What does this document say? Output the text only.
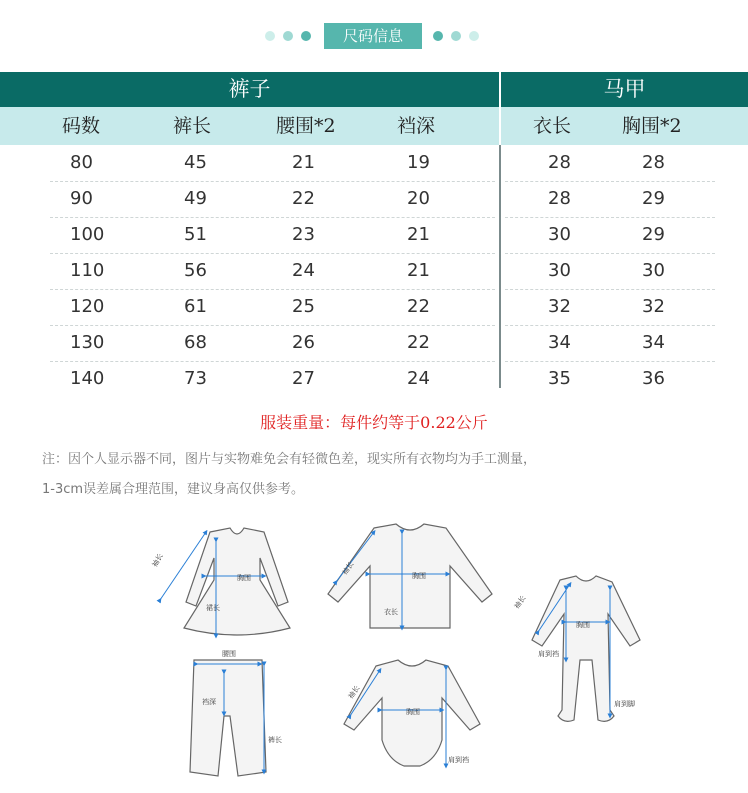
尺码信息
裤子	马甲
码数	裤长	腰围*2	裆深	衣长	胸围*2
80	45	21	19	28	28
90	49	22	20	28	29
100	51	23	21	30	29
110	56	24	21	30	30
120	61	25	22	32	32
130	68	26	22	34	34
140	73	27	24	35	36
服装重量：每件约等于0.22公斤
注：因个人显示器不同，图片与实物难免会有轻微色差，现实所有衣物均为手工测量，
1-3cm误差属合理范围，建议身高仅供参考。
袖长
胸围
裙长
袖长	胸围
衣长
袖长
胸围
肩到裆
肩到脚
腰围
裆深
裤长
袖长
胸围
肩到裆
